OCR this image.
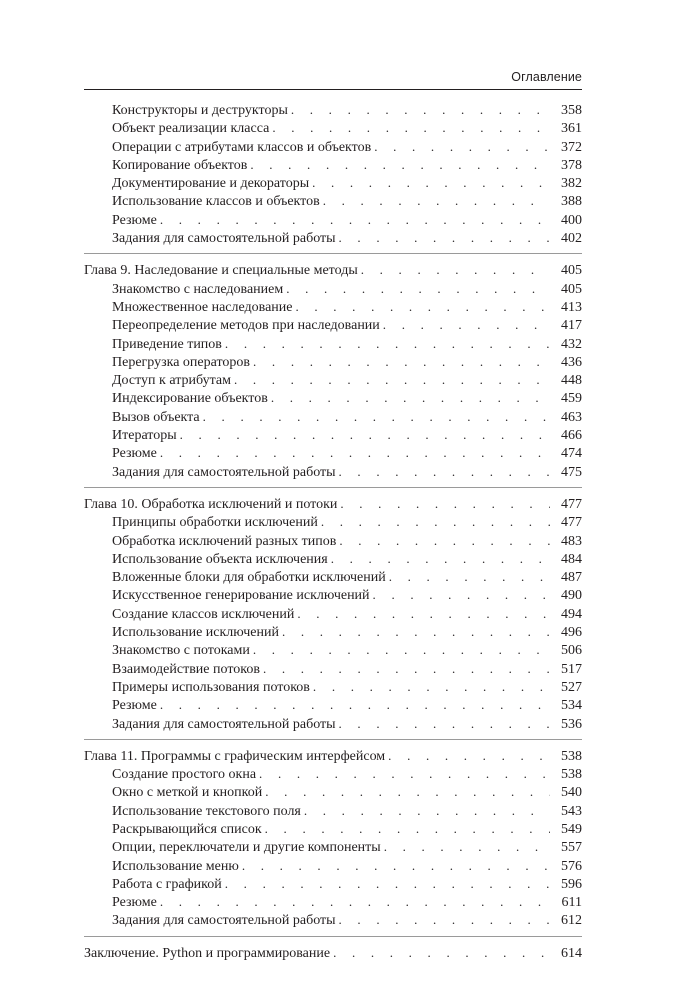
Оглавление
Конструкторы и деструкторы . . .	358
Объект реализации класса . . .	361
Операции с атрибутами классов и объектов . . .	372
Копирование объектов . . .	378
Документирование и декораторы . . .	382
Использование классов и объектов . . .	388
Резюме . . .	400
Задания для самостоятельной работы . . .	402
Глава 9. Наследование и специальные методы . . .	405
Знакомство с наследованием . . .	405
Множественное наследование . . .	413
Переопределение методов при наследовании . . .	417
Приведение типов . . .	432
Перегрузка операторов . . .	436
Доступ к атрибутам . . .	448
Индексирование объектов . . .	459
Вызов объекта . . .	463
Итераторы . . .	466
Резюме . . .	474
Задания для самостоятельной работы . . .	475
Глава 10. Обработка исключений и потоки . . .	477
Принципы обработки исключений . . .	477
Обработка исключений разных типов . . .	483
Использование объекта исключения . . .	484
Вложенные блоки для обработки исключений . . .	487
Искусственное генерирование исключений . . .	490
Создание классов исключений . . .	494
Использование исключений . . .	496
Знакомство с потоками . . .	506
Взаимодействие потоков . . .	517
Примеры использования потоков . . .	527
Резюме . . .	534
Задания для самостоятельной работы . . .	536
Глава 11. Программы с графическим интерфейсом . . .	538
Создание простого окна . . .	538
Окно с меткой и кнопкой . . .	540
Использование текстового поля . . .	543
Раскрывающийся список . . .	549
Опции, переключатели и другие компоненты . . .	557
Использование меню . . .	576
Работа с графикой . . .	596
Резюме . . .	611
Задания для самостоятельной работы . . .	612
Заключение. Python и программирование . . .	614
